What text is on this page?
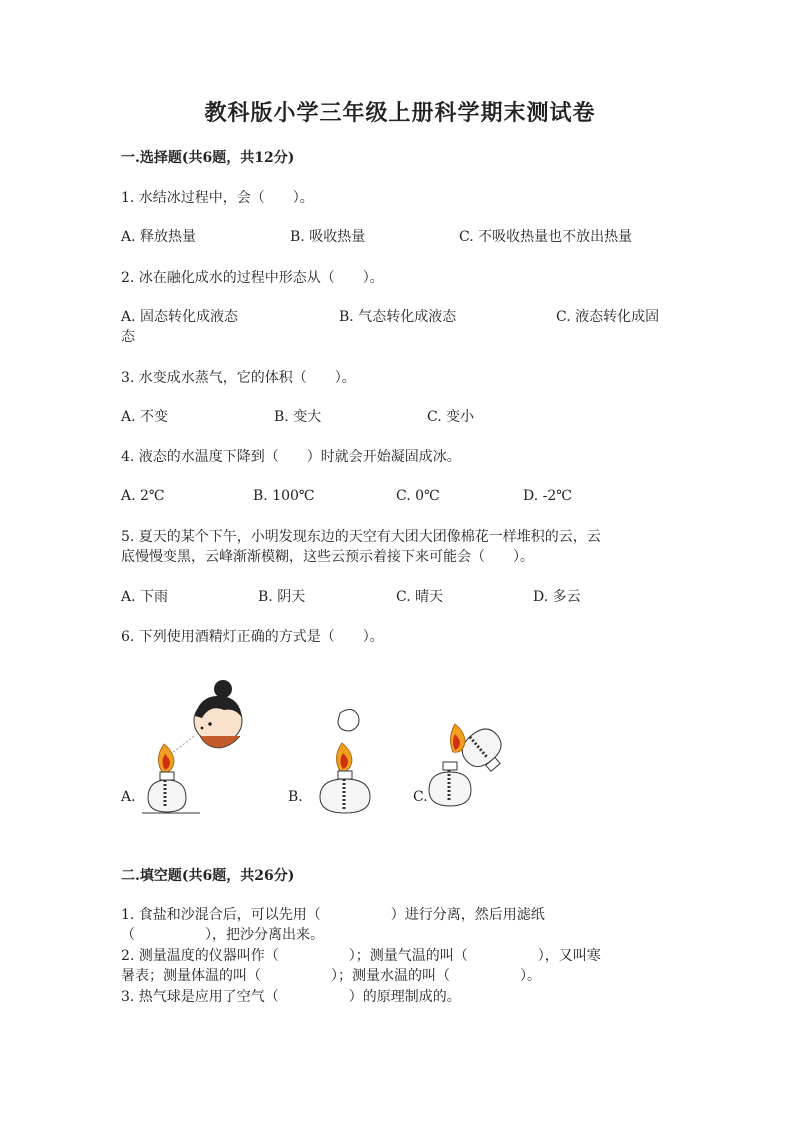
教科版小学三年级上册科学期末测试卷
一.选择题(共6题，共12分)
1. 水结冰过程中，会（　　）。
A. 释放热量	B. 吸收热量	C. 不吸收热量也不放出热量
2. 冰在融化成水的过程中形态从（　　）。
A. 固态转化成液态	B. 气态转化成液态	C. 液态转化成固
态
3. 水变成水蒸气，它的体积（　　）。
A. 不变	B. 变大	C. 变小
4. 液态的水温度下降到（　　）时就会开始凝固成冰。
A. 2℃	B. 100℃	C. 0℃	D. -2℃
5. 夏天的某个下午，小明发现东边的天空有大团大团像棉花一样堆积的云，云
底慢慢变黑，云峰渐渐模糊，这些云预示着接下来可能会（　　）。
A. 下雨	B. 阴天	C. 晴天	D. 多云
6. 下列使用酒精灯正确的方式是（　　）。
A.	B.	C.
二.填空题(共6题，共26分)
1. 食盐和沙混合后，可以先用（　　　　　）进行分离，然后用滤纸
（　　　　　），把沙分离出来。
2. 测量温度的仪器叫作（　　　　　）；测量气温的叫（　　　　　），又叫寒
暑表；测量体温的叫（　　　　　）；测量水温的叫（　　　　　）。
3. 热气球是应用了空气（　　　　　）的原理制成的。
